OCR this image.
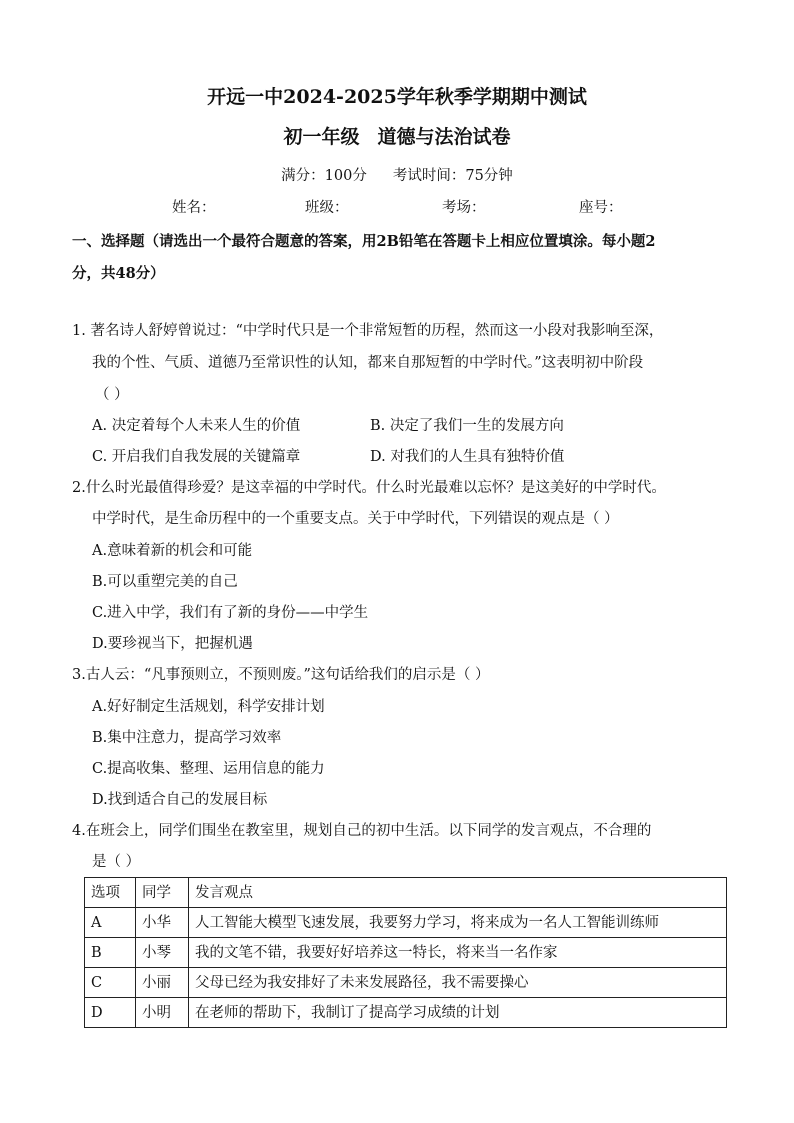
开远一中2024-2025学年秋季学期期中测试
初一年级 道德与法治试卷
满分：100分 考试时间：75分钟
姓名：	班级：	考场：	座号：
一、选择题（请选出一个最符合题意的答案，用2B铅笔在答题卡上相应位置填涂。每小题2
分，共48分）
1. 著名诗人舒婷曾说过：“中学时代只是一个非常短暂的历程，然而这一小段对我影响至深，
我的个性、气质、道德乃至常识性的认知，都来自那短暂的中学时代。”这表明初中阶段
（ ）
A. 决定着每个人未来人生的价值	B. 决定了我们一生的发展方向
C. 开启我们自我发展的关键篇章	D. 对我们的人生具有独特价值
2.什么时光最值得珍爱？是这幸福的中学时代。什么时光最难以忘怀？是这美好的中学时代。
中学时代，是生命历程中的一个重要支点。关于中学时代，下列错误的观点是（ ）
A.意味着新的机会和可能
B.可以重塑完美的自己
C.进入中学，我们有了新的身份——中学生
D.要珍视当下，把握机遇
3.古人云：“凡事预则立，不预则废。”这句话给我们的启示是（ ）
A.好好制定生活规划，科学安排计划
B.集中注意力，提高学习效率
C.提高收集、整理、运用信息的能力
D.找到适合自己的发展目标
4.在班会上，同学们围坐在教室里，规划自己的初中生活。以下同学的发言观点，不合理的
是（ ）
选项	同学	发言观点
A	小华	人工智能大模型飞速发展，我要努力学习，将来成为一名人工智能训练师
B	小琴	我的文笔不错，我要好好培养这一特长，将来当一名作家
C	小丽	父母已经为我安排好了未来发展路径，我不需要操心
D	小明	在老师的帮助下，我制订了提高学习成绩的计划
